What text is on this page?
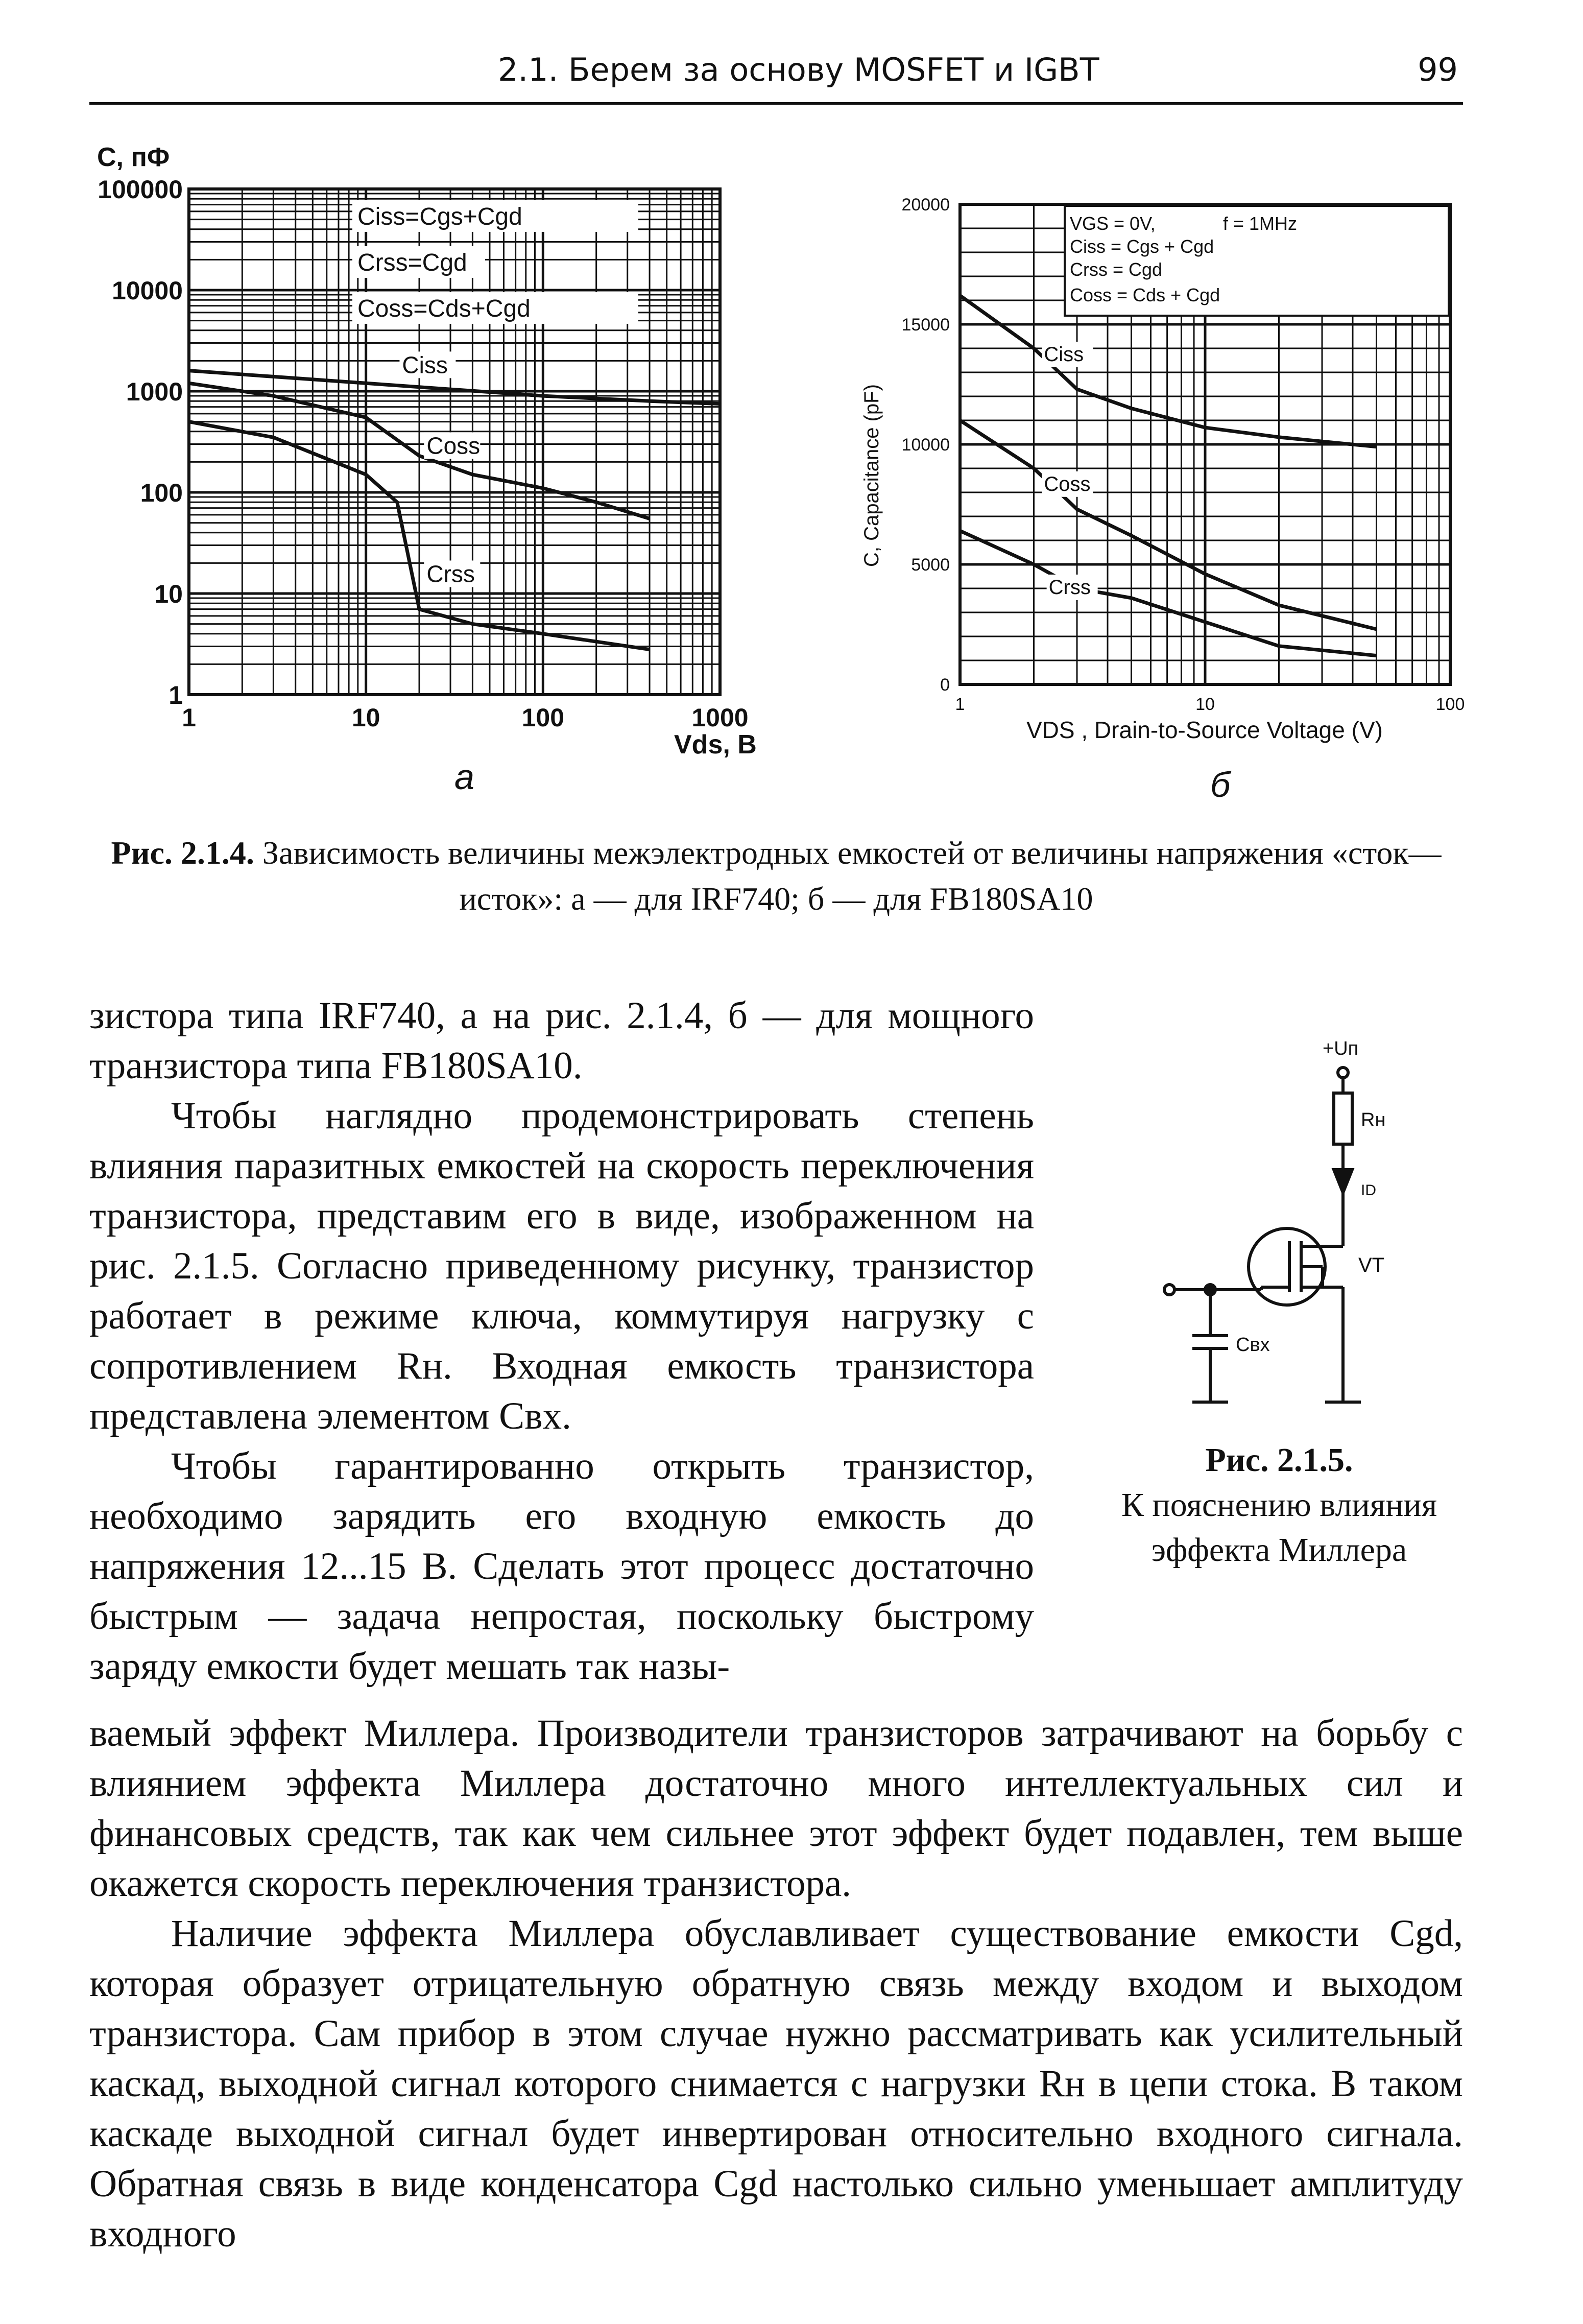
2.1. Берем за основу MOSFET и IGBT	99
Ciss
Coss
Crss
Ciss=Cgs+Cgd
Crss=Cgd
Coss=Cds+Cgd
1	10	100	1000
100000
10000
1000
100
10
1
С, пФ
Vds, В
а
Ciss
Coss
Crss
VGS = 0V,	f = 1MHz
Ciss = Cgs + Cgd
Crss = Cgd
Coss = Cds + Cgd
1	10	100
0
5000
10000
15000
20000
C, Capacitance (pF)
VDS , Drain-to-Source Voltage (V)
б
Рис. 2.1.4. Зависимость величины межэлектродных емкостей от величины напряжения «сток—исток»: а — для IRF740; б — для FB180SA10

зистора типа IRF740, а на рис. 2.1.4, б — для мощного транзистора типа FB180SA10.

Чтобы наглядно продемонстрировать степень влияния паразитных емкостей на скорость переключения транзистора, представим его в виде, изображенном на рис. 2.1.5. Согласно приведенному рисунку, транзистор работает в режиме ключа, коммутируя нагрузку с сопротивлением Rн. Входная емкость транзистора представлена элементом Свх.

Чтобы гарантированно открыть транзистор, необходимо зарядить его входную емкость до напряжения 12...15 В. Сделать этот процесс достаточно быстрым — задача непростая, поскольку быстрому заряду емкости будет мешать так назы-

+Uп
Rн
ID
VT
Свх
Рис. 2.1.5.
К пояснению влияния эффекта Миллера

ваемый эффект Миллера. Производители транзисторов затрачивают на борьбу с влиянием эффекта Миллера достаточно много интеллектуальных сил и финансовых средств, так как чем сильнее этот эффект будет подавлен, тем выше окажется скорость переключения транзистора.

Наличие эффекта Миллера обуславливает существование емкости Cgd, которая образует отрицательную обратную связь между входом и выходом транзистора. Сам прибор в этом случае нужно рассматривать как усилительный каскад, выходной сигнал которого снимается с нагрузки Rн в цепи стока. В таком каскаде выходной сигнал будет инвертирован относительно входного сигнала. Обратная связь в виде конденсатора Cgd настолько сильно уменьшает амплитуду входного
